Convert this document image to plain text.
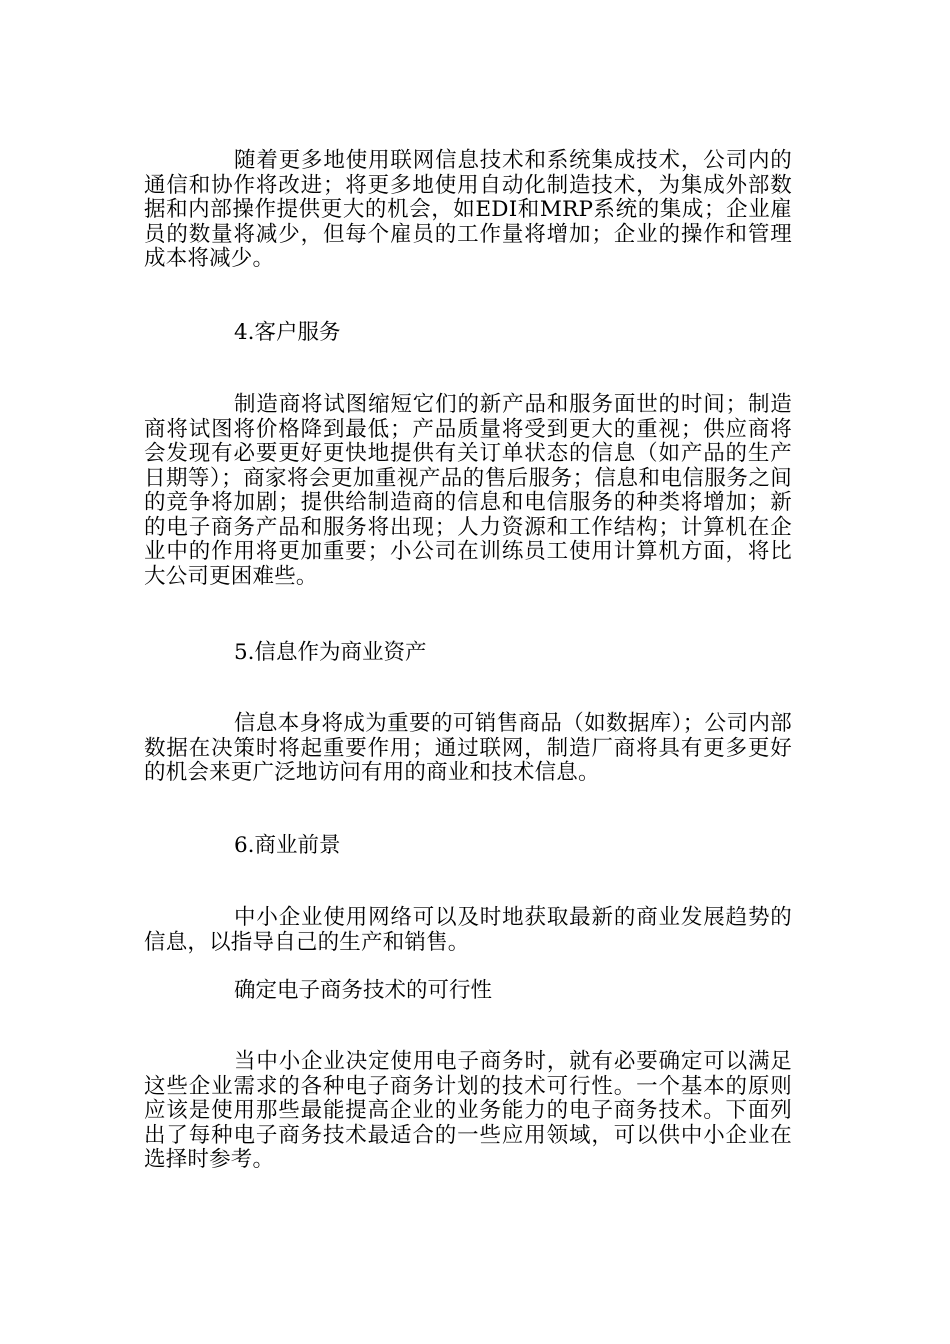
随着更多地使用联网信息技术和系统集成技术，公司内的通信和协作将改进；将更多地使用自动化制造技术，为集成外部数据和内部操作提供更大的机会，如EDI和MRP系统的集成；企业雇员的数量将减少，但每个雇员的工作量将增加；企业的操作和管理成本将减少。

4.客户服务

制造商将试图缩短它们的新产品和服务面世的时间；制造商将试图将价格降到最低；产品质量将受到更大的重视；供应商将会发现有必要更好更快地提供有关订单状态的信息（如产品的生产日期等）；商家将会更加重视产品的售后服务；信息和电信服务之间的竞争将加剧；提供给制造商的信息和电信服务的种类将增加；新的电子商务产品和服务将出现；人力资源和工作结构；计算机在企业中的作用将更加重要；小公司在训练员工使用计算机方面，将比大公司更困难些。

5.信息作为商业资产

信息本身将成为重要的可销售商品（如数据库）；公司内部数据在决策时将起重要作用；通过联网，制造厂商将具有更多更好的机会来更广泛地访问有用的商业和技术信息。

6.商业前景

中小企业使用网络可以及时地获取最新的商业发展趋势的信息，以指导自己的生产和销售。

确定电子商务技术的可行性

当中小企业决定使用电子商务时，就有必要确定可以满足这些企业需求的各种电子商务计划的技术可行性。一个基本的原则应该是使用那些最能提高企业的业务能力的电子商务技术。下面列出了每种电子商务技术最适合的一些应用领域，可以供中小企业在选择时参考。
